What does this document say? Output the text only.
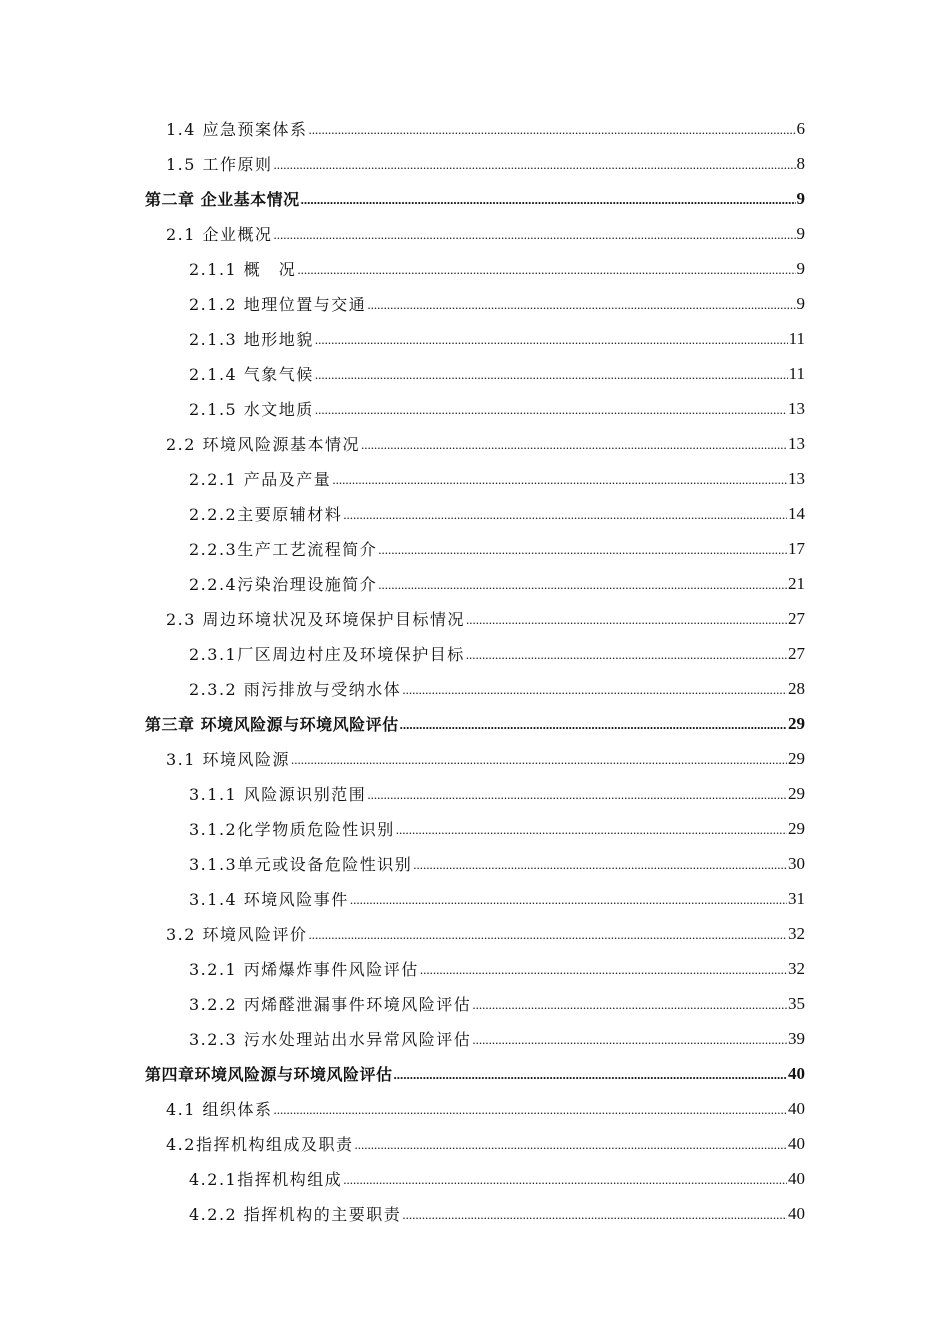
1.4 应急预案体系 .....	6
1.5 工作原则 .....	8
第二章 企业基本情况 .....	9
2.1 企业概况 .....	9
2.1.1 概　况 .....	9
2.1.2 地理位置与交通 .....	9
2.1.3 地形地貌 .....	11
2.1.4 气象气候 .....	11
2.1.5 水文地质 .....	13
2.2 环境风险源基本情况 .....	13
2.2.1 产品及产量 .....	13
2.2.2主要原辅材料 .....	14
2.2.3生产工艺流程简介 .....	17
2.2.4污染治理设施简介 .....	21
2.3 周边环境状况及环境保护目标情况 .....	27
2.3.1厂区周边村庄及环境保护目标 .....	27
2.3.2 雨污排放与受纳水体 .....	28
第三章 环境风险源与环境风险评估 .....	29
3.1 环境风险源 .....	29
3.1.1 风险源识别范围 .....	29
3.1.2化学物质危险性识别 .....	29
3.1.3单元或设备危险性识别 .....	30
3.1.4 环境风险事件 .....	31
3.2 环境风险评价 .....	32
3.2.1 丙烯爆炸事件风险评估 .....	32
3.2.2 丙烯醛泄漏事件环境风险评估 .....	35
3.2.3 污水处理站出水异常风险评估 .....	39
第四章环境风险源与环境风险评估 .....	40
4.1 组织体系 .....	40
4.2指挥机构组成及职责 .....	40
4.2.1指挥机构组成 .....	40
4.2.2 指挥机构的主要职责 .....	40
